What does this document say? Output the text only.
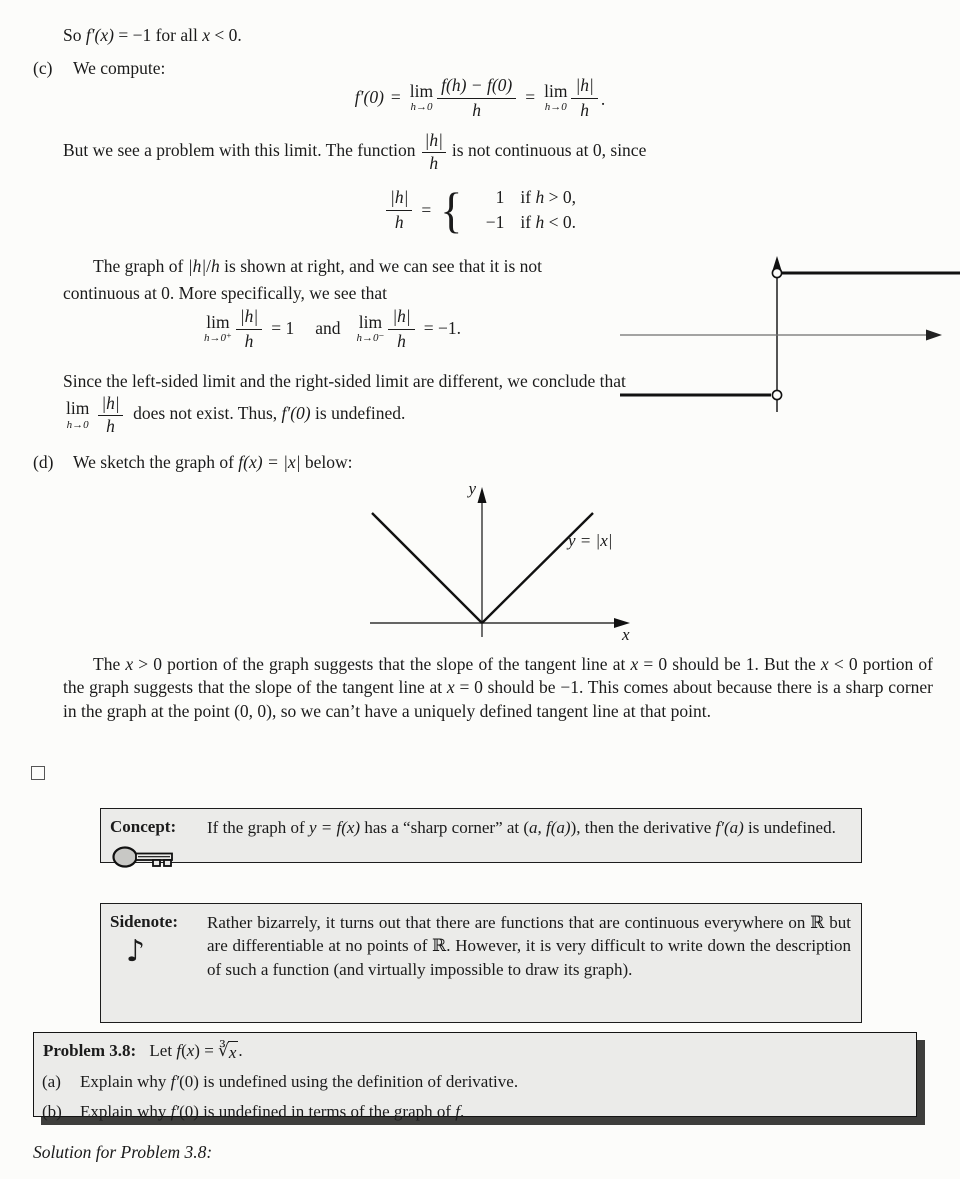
So f′(x) = −1 for all x < 0.
(c) We compute:
f′(0) = lim
$h\to 0 \frac{f(h) - f(0)}{h} = \lim$
$h\to 0 \frac{|h|}{h}$ .
But we see a problem with this limit. The function $\frac{|h|}{h}$ is not continuous at 0, since
$\frac{|h|}{h}$ = {	1 if h > 0,
−1 if h < 0.
The graph of |h|/h is shown at right, and we can see that it is not continuous at 0. More specifically, we see that
lim
$h\to 0^+ \frac{|h|}{h} = 1$ and lim
$h\to 0^- \frac{|h|}{h} = -1$.
Since the left-sided limit and the right-sided limit are different, we conclude that
lim
$h\to 0 \frac{|h|}{h}$ does not exist. Thus, f′(0) is undefined.
(d) We sketch the graph of f(x) = |x| below:
y
x
y = |x|
The x > 0 portion of the graph suggests that the slope of the tangent line at x = 0 should be 1. But the x < 0 portion of the graph suggests that the slope of the tangent line at x = 0 should be −1. This comes about because there is a sharp corner in the graph at the point (0, 0), so we can’t have a uniquely defined tangent line at that point.
Concept:	If the graph of y = f(x) has a “sharp corner” at (a, f(a)), then the derivative f′(a) is undefined.
Sidenote:
♪
Rather bizarrely, it turns out that there are functions that are continuous everywhere on ℝ but are differentiable at no points of ℝ. However, it is very difficult to write down the description of such a function (and virtually impossible to draw its graph).
Problem 3.8: Let f(x) = ∛ x .
(a)	Explain why f′(0) is undefined using the definition of derivative.
(b)	Explain why f′(0) is undefined in terms of the graph of f.
Solution for Problem 3.8:
